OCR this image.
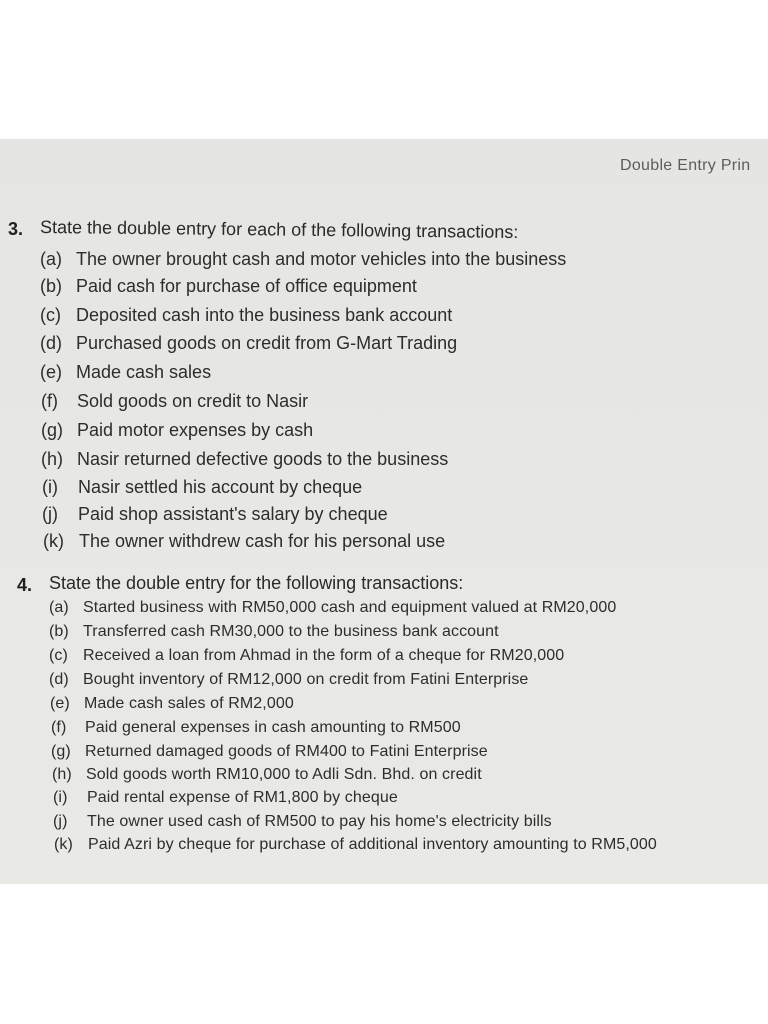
Double Entry Prin
3. State the double entry for each of the following transactions:
(a) The owner brought cash and motor vehicles into the business
(b) Paid cash for purchase of office equipment
(c) Deposited cash into the business bank account
(d) Purchased goods on credit from G-Mart Trading
(e) Made cash sales
(f) Sold goods on credit to Nasir
(g) Paid motor expenses by cash
(h) Nasir returned defective goods to the business
(i) Nasir settled his account by cheque
(j) Paid shop assistant's salary by cheque
(k) The owner withdrew cash for his personal use
4. State the double entry for the following transactions:
(a) Started business with RM50,000 cash and equipment valued at RM20,000
(b) Transferred cash RM30,000 to the business bank account
(c) Received a loan from Ahmad in the form of a cheque for RM20,000
(d) Bought inventory of RM12,000 on credit from Fatini Enterprise
(e) Made cash sales of RM2,000
(f) Paid general expenses in cash amounting to RM500
(g) Returned damaged goods of RM400 to Fatini Enterprise
(h) Sold goods worth RM10,000 to Adli Sdn. Bhd. on credit
(i) Paid rental expense of RM1,800 by cheque
(j) The owner used cash of RM500 to pay his home's electricity bills
(k) Paid Azri by cheque for purchase of additional inventory amounting to RM5,000
